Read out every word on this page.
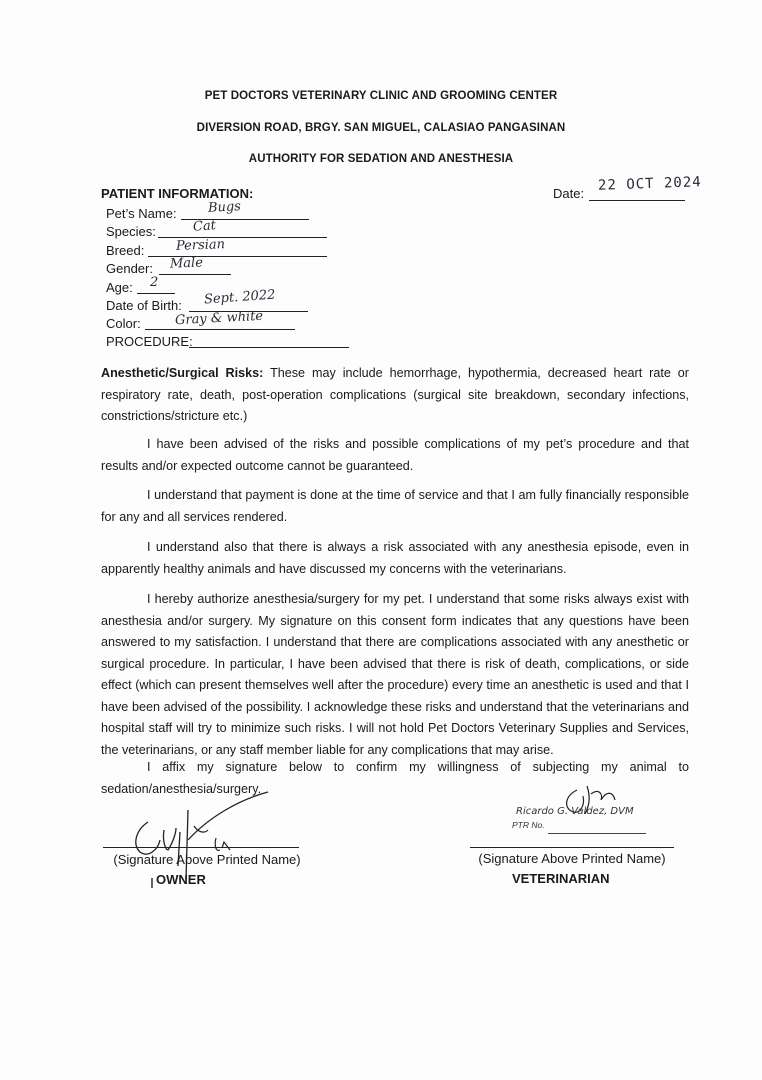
PET DOCTORS VETERINARY CLINIC AND GROOMING CENTER
DIVERSION ROAD, BRGY. SAN MIGUEL, CALASIAO PANGASINAN
AUTHORITY FOR SEDATION AND ANESTHESIA
PATIENT INFORMATION:	Date: 22 OCT 2024
Pet’s Name: Bugs
Species:	Cat
Breed: Persian
Gender: Male
Age: 2
Date of Birth: Sept. 2022
Color:	Gray & white
PROCEDURE:
Anesthetic/Surgical Risks: These may include hemorrhage, hypothermia, decreased heart rate or respiratory rate, death, post-operation complications (surgical site breakdown, secondary infections, constrictions/stricture etc.)
I have been advised of the risks and possible complications of my pet’s procedure and that results and/or expected outcome cannot be guaranteed.
I understand that payment is done at the time of service and that I am fully financially responsible for any and all services rendered.
I understand also that there is always a risk associated with any anesthesia episode, even in apparently healthy animals and have discussed my concerns with the veterinarians.
I hereby authorize anesthesia/surgery for my pet. I understand that some risks always exist with anesthesia and/or surgery. My signature on this consent form indicates that any questions have been answered to my satisfaction. I understand that there are complications associated with any anesthetic or surgical procedure. In particular, I have been advised that there is risk of death, complications, or side effect (which can present themselves well after the procedure) every time an anesthetic is used and that I have been advised of the possibility. I acknowledge these risks and understand that the veterinarians and hospital staff will try to minimize such risks. I will not hold Pet Doctors Veterinary Supplies and Services, the veterinarians, or any staff member liable for any complications that may arise.
I affix my signature below to confirm my willingness of subjecting my animal to sedation/anesthesia/surgery.
Ricardo G. Valdez, DVM
PTR No.
(Signature Above Printed Name)
OWNER
(Signature Above Printed Name)
VETERINARIAN
